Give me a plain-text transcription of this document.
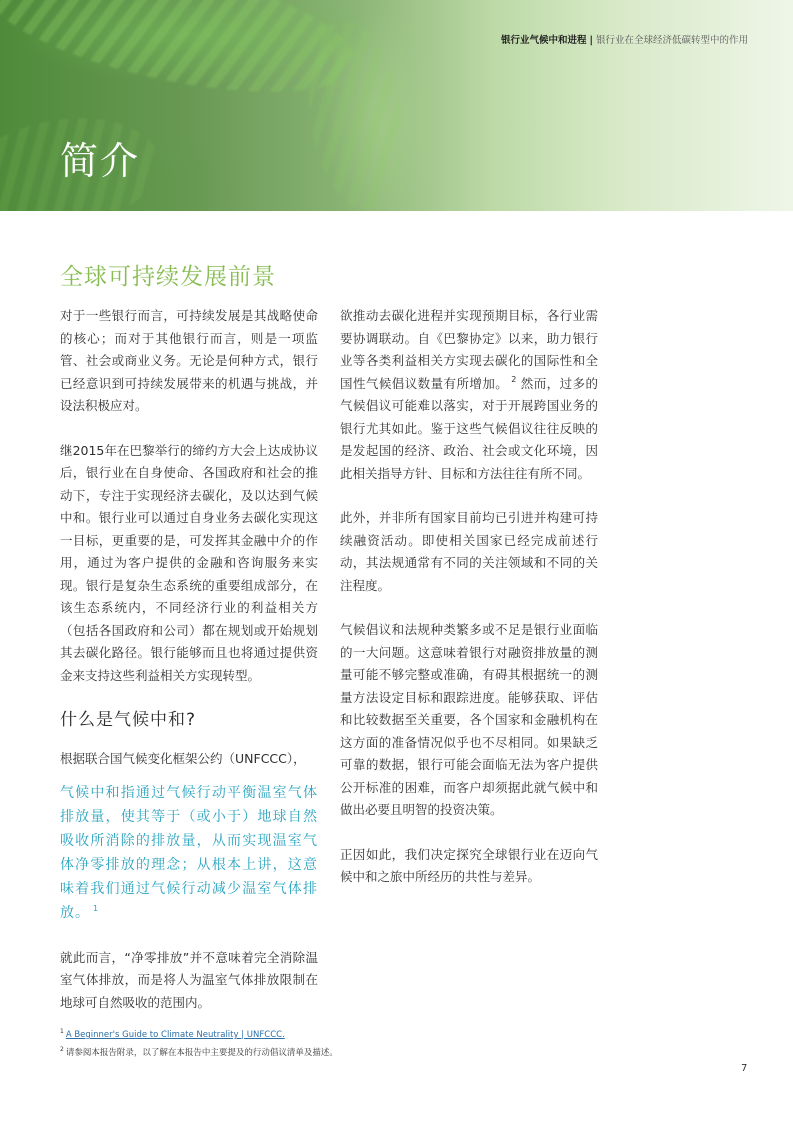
银行业气候中和进程 | 银行业在全球经济低碳转型中的作用
简介
全球可持续发展前景

对于一些银行而言，可持续发展是其战略使命的核心；而对于其他银行而言，则是一项监管、社会或商业义务。无论是何种方式，银行已经意识到可持续发展带来的机遇与挑战，并设法积极应对。

继2015年在巴黎举行的缔约方大会上达成协议后，银行业在自身使命、各国政府和社会的推动下，专注于实现经济去碳化，及以达到气候中和。银行业可以通过自身业务去碳化实现这一目标，更重要的是，可发挥其金融中介的作用，通过为客户提供的金融和咨询服务来实现。银行是复杂生态系统的重要组成部分，在该生态系统内，不同经济行业的利益相关方（包括各国政府和公司）都在规划或开始规划其去碳化路径。银行能够而且也将通过提供资金来支持这些利益相关方实现转型。

什么是气候中和?

根据联合国气候变化框架公约（UNFCCC），

气候中和指通过气候行动平衡温室气体排放量，使其等于（或小于）地球自然吸收所消除的排放量，从而实现温室气体净零排放的理念；从根本上讲，这意味着我们通过气候行动减少温室气体排放。 $^1$

就此而言，“净零排放”并不意味着完全消除温室气体排放，而是将人为温室气体排放限制在地球可自然吸收的范围内。

欲推动去碳化进程并实现预期目标，各行业需要协调联动。自《巴黎协定》以来，助力银行业等各类利益相关方实现去碳化的国际性和全国性气候倡议数量有所增加。 $^2$ 然而，过多的气候倡议可能难以落实，对于开展跨国业务的银行尤其如此。鉴于这些气候倡议往往反映的是发起国的经济、政治、社会或文化环境，因此相关指导方针、目标和方法往往有所不同。

此外，并非所有国家目前均已引进并构建可持续融资活动。即使相关国家已经完成前述行动，其法规通常有不同的关注领域和不同的关注程度。

气候倡议和法规种类繁多或不足是银行业面临的一大问题。这意味着银行对融资排放量的测量可能不够完整或准确，有碍其根据统一的测量方法设定目标和跟踪进度。能够获取、评估和比较数据至关重要，各个国家和金融机构在这方面的准备情况似乎也不尽相同。如果缺乏可靠的数据，银行可能会面临无法为客户提供公开标准的困难，而客户却须据此就气候中和做出必要且明智的投资决策。

正因如此，我们决定探究全球银行业在迈向气候中和之旅中所经历的共性与差异。

$^1$ A Beginner's Guide to Climate Neutrality | UNFCCC.
$^2$ 请参阅本报告附录，以了解在本报告中主要提及的行动倡议清单及描述。
7
